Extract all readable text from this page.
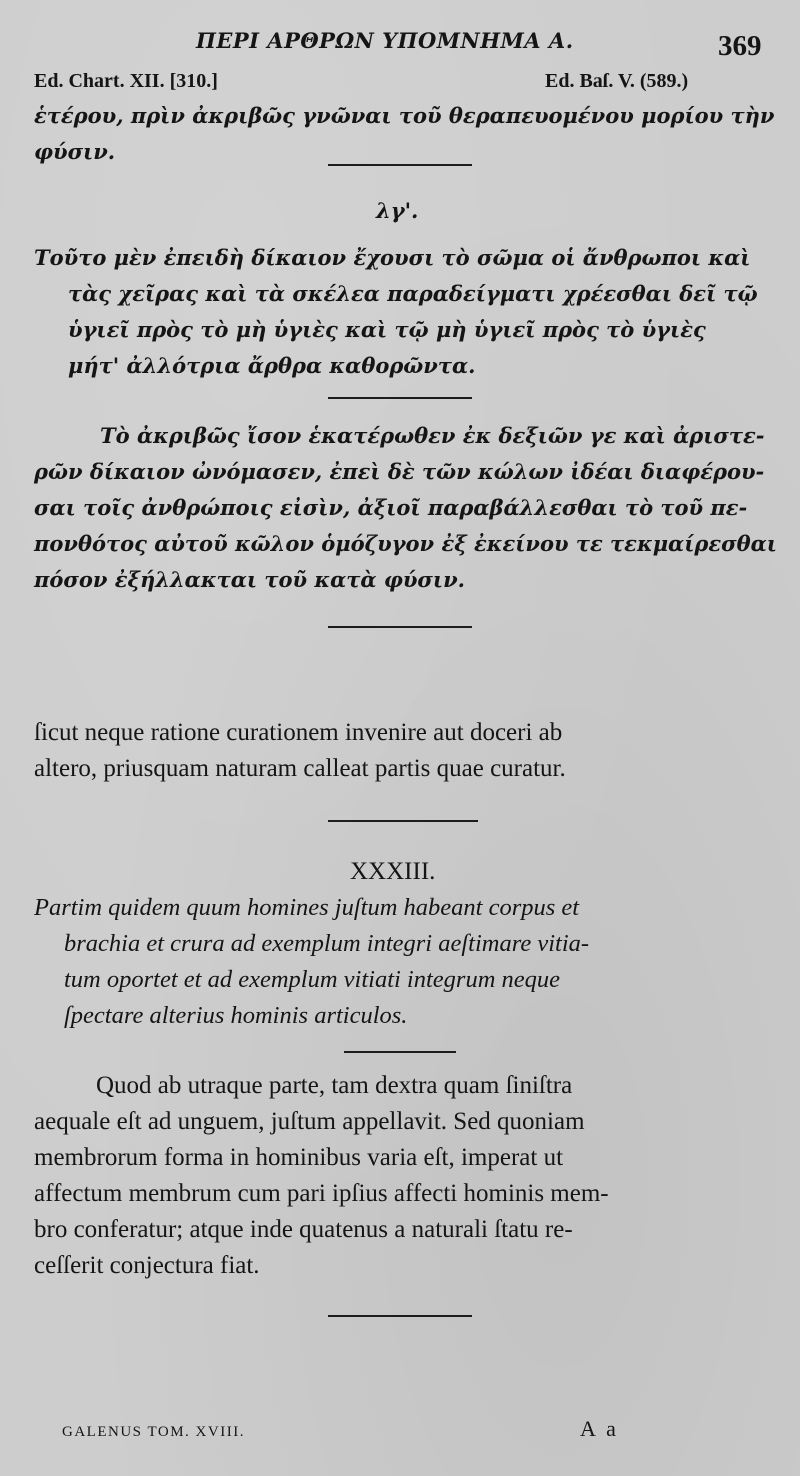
ΠΕΡΙ ΑΡΘΡΩΝ ΥΠΟΜΝΗΜΑ Α.	369
Ed. Chart. XII. [310.]	Ed. Baſ. V. (589.)

ἑτέρου, πρὶν ἀκριβῶς γνῶναι τοῦ θεραπευομένου μορίου τὴν

φύσιν.

λγ'.

Τοῦτο μὲν ἐπειδὴ δίκαιον ἔχουσι τὸ σῶμα οἱ ἄνθρωποι καὶ

τὰς χεῖρας καὶ τὰ σκέλεα παραδείγματι χρέεσθαι δεῖ τῷ

ὑγιεῖ πρὸς τὸ μὴ ὑγιὲς καὶ τῷ μὴ ὑγιεῖ πρὸς τὸ ὑγιὲς

μήτ' ἀλλότρια ἄρθρα καθορῶντα.

Τὸ ἀκριβῶς ἴσον ἑκατέρωθεν ἐκ δεξιῶν γε καὶ ἀριστε-

ρῶν δίκαιον ὠνόμασεν, ἐπεὶ δὲ τῶν κώλων ἰδέαι διαφέρου-

σαι τοῖς ἀνθρώποις εἰσὶν, ἀξιοῖ παραβάλλεσθαι τὸ τοῦ πε-

πονθότος αὐτοῦ κῶλον ὁμόζυγον ἐξ ἐκείνου τε τεκμαίρεσθαι

πόσον ἐξήλλακται τοῦ κατὰ φύσιν.

ſicut neque ratione curationem invenire aut doceri ab

altero, priusquam naturam calleat partis quae curatur.

XXXIII.

Partim quidem quum homines juſtum habeant corpus et

brachia et crura ad exemplum integri aeſtimare vitia-

tum oportet et ad exemplum vitiati integrum neque

ſpectare alterius hominis articulos.

Quod ab utraque parte, tam dextra quam ſiniſtra

aequale eſt ad unguem, juſtum appellavit. Sed quoniam

membrorum forma in hominibus varia eſt, imperat ut

affectum membrum cum pari ipſius affecti hominis mem-

bro conferatur; atque inde quatenus a naturali ſtatu re-

ceſſerit conjectura fiat.

GALENUS TOM. XVIII.	A a
